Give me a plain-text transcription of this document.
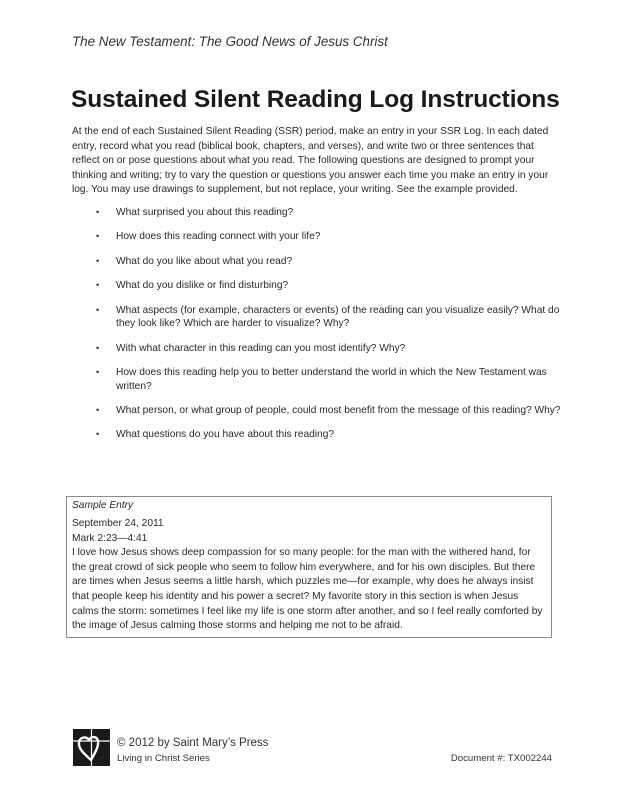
The New Testament: The Good News of Jesus Christ
Sustained Silent Reading Log Instructions

At the end of each Sustained Silent Reading (SSR) period, make an entry in your SSR Log. In each dated entry, record what you read (biblical book, chapters, and verses), and write two or three sentences that reflect on or pose questions about what you read. The following questions are designed to prompt your thinking and writing; try to vary the question or questions you answer each time you make an entry in your log. You may use drawings to supplement, but not replace, your writing. See the example provided.

• What surprised you about this reading?
• How does this reading connect with your life?
• What do you like about what you read?
• What do you dislike or find disturbing?
• What aspects (for example, characters or events) of the reading can you visualize easily? What do they look like? Which are harder to visualize? Why?
• With what character in this reading can you most identify? Why?
• How does this reading help you to better understand the world in which the New Testament was written?
• What person, or what group of people, could most benefit from the message of this reading? Why?
• What questions do you have about this reading?
Sample Entry
September 24, 2011
Mark 2:23—4:41
I love how Jesus shows deep compassion for so many people: for the man with the withered hand, for the great crowd of sick people who seem to follow him everywhere, and for his own disciples. But there are times when Jesus seems a little harsh, which puzzles me—for example, why does he always insist that people keep his identity and his power a secret? My favorite story in this section is when Jesus calms the storm: sometimes I feel like my life is one storm after another, and so I feel really comforted by the image of Jesus calming those storms and helping me not to be afraid.
© 2012 by Saint Mary’s Press
Living in Christ Series	Document #: TX002244
